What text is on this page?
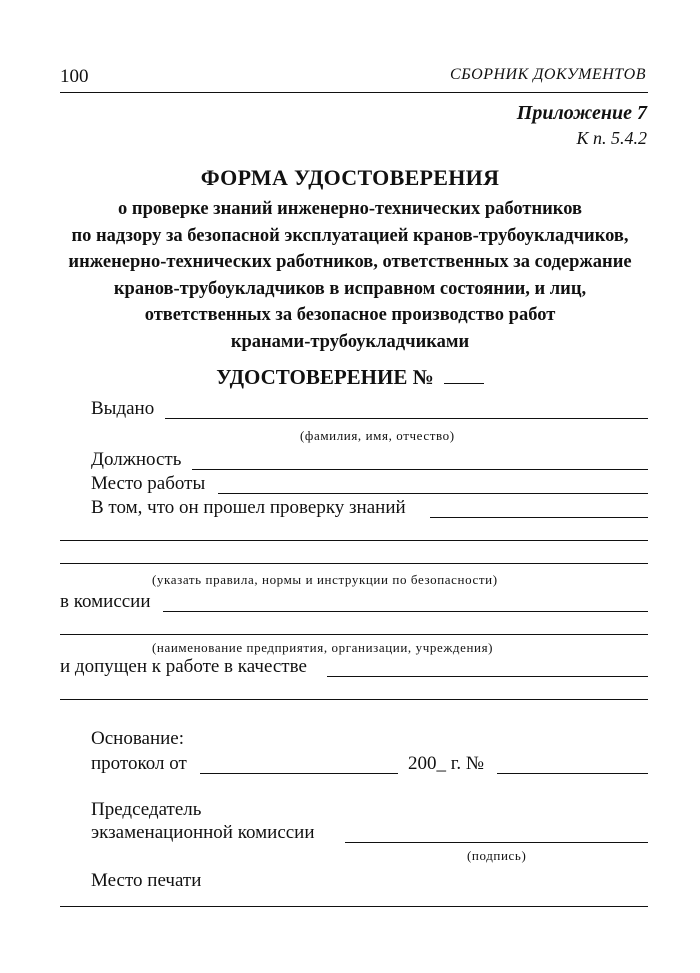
100	СБОРНИК ДОКУМЕНТОВ
Приложение 7
К п. 5.4.2
ФОРМА УДОСТОВЕРЕНИЯ
о проверке знаний инженерно-технических работников
по надзору за безопасной эксплуатацией кранов-трубоукладчиков,
инженерно-технических работников, ответственных за содержание
кранов-трубоукладчиков в исправном состоянии, и лиц,
ответственных за безопасное производство работ
кранами-трубоукладчиками
УДОСТОВЕРЕНИЕ №
Выдано
(фамилия, имя, отчество)
Должность
Место работы
В том, что он прошел проверку знаний
(указать правила, нормы и инструкции по безопасности)
в комиссии
(наименование предприятия, организации, учреждения)
и допущен к работе в качестве
Основание:
протокол от	200_ г. №
Председатель
экзаменационной комиссии
(подпись)
Место печати
